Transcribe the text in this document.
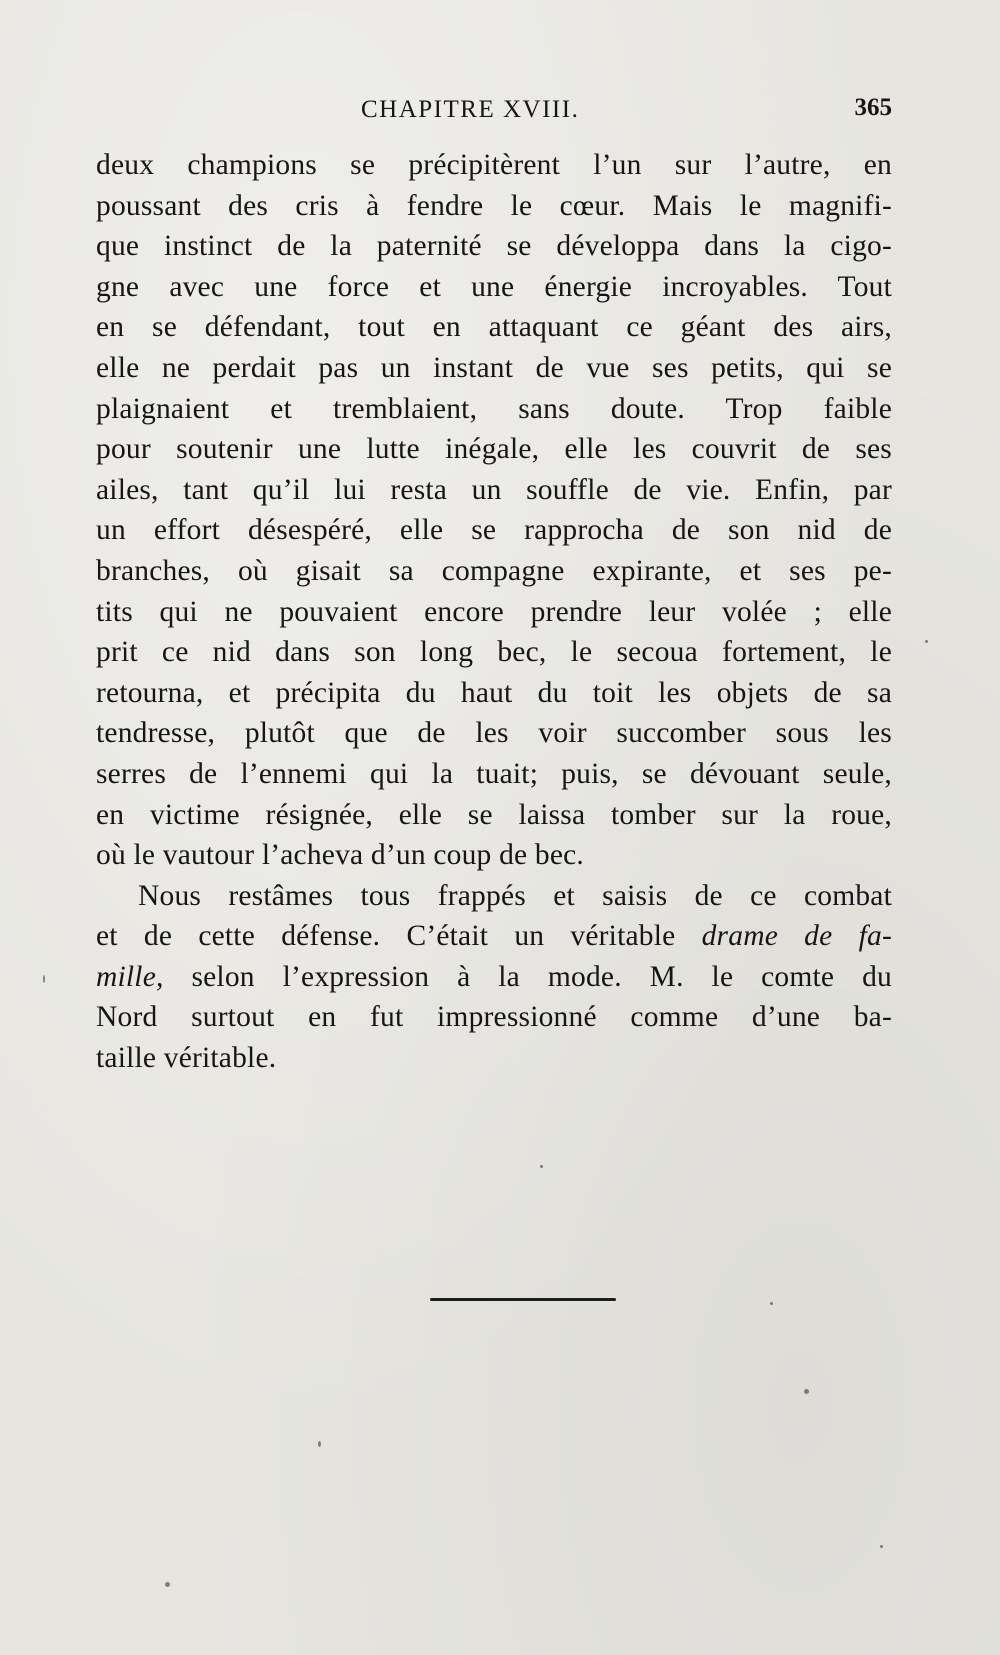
CHAPITRE XVIII.	365
deux champions se précipitèrent l’un sur l’autre, en
poussant des cris à fendre le cœur. Mais le magnifi-
que instinct de la paternité se développa dans la cigo-
gne avec une force et une énergie incroyables. Tout
en se défendant, tout en attaquant ce géant des airs,
elle ne perdait pas un instant de vue ses petits, qui se
plaignaient et tremblaient, sans doute. Trop faible
pour soutenir une lutte inégale, elle les couvrit de ses
ailes, tant qu’il lui resta un souffle de vie. Enfin, par
un effort désespéré, elle se rapprocha de son nid de
branches, où gisait sa compagne expirante, et ses pe-
tits qui ne pouvaient encore prendre leur volée ; elle
prit ce nid dans son long bec, le secoua fortement, le
retourna, et précipita du haut du toit les objets de sa
tendresse, plutôt que de les voir succomber sous les
serres de l’ennemi qui la tuait; puis, se dévouant seule,
en victime résignée, elle se laissa tomber sur la roue,
où le vautour l’acheva d’un coup de bec.
Nous restâmes tous frappés et saisis de ce combat
et de cette défense. C’était un véritable drame de fa-
mille, selon l’expression à la mode. M. le comte du
Nord surtout en fut impressionné comme d’une ba-
taille véritable.
